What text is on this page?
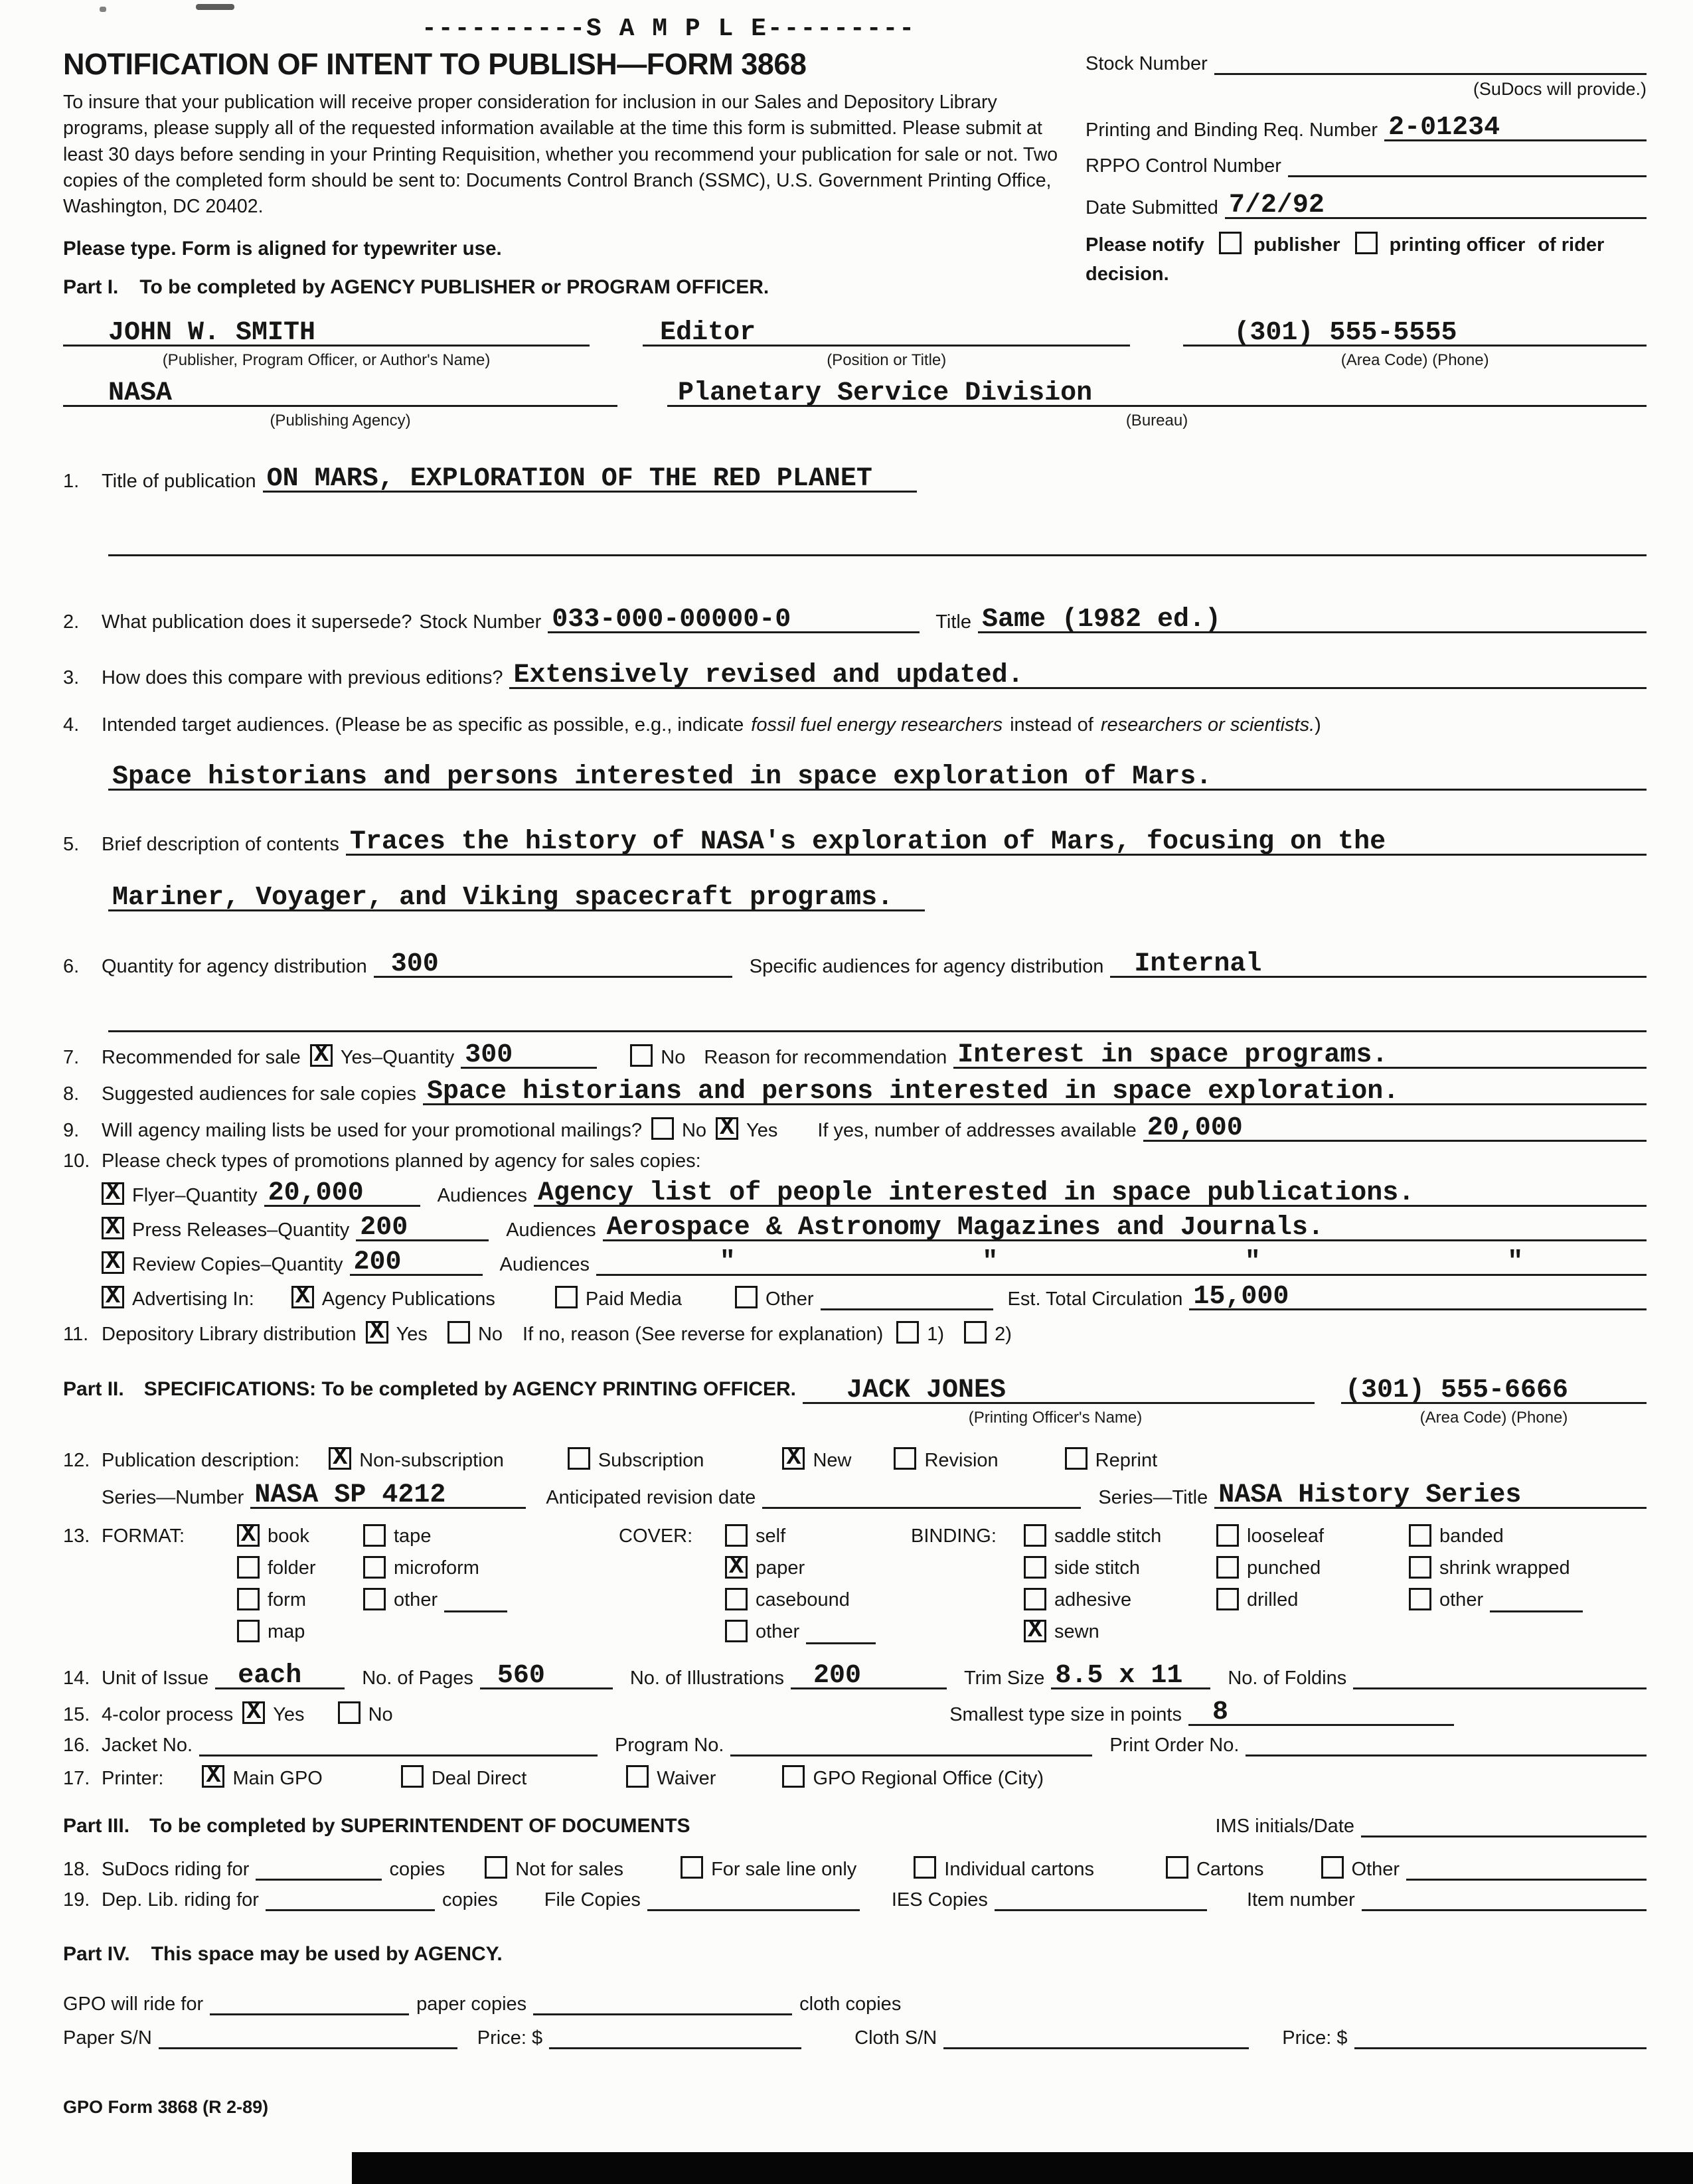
----------S A M P L E---------
NOTIFICATION OF INTENT TO PUBLISH—FORM 3868

To insure that your publication will receive proper consideration for inclusion in our Sales and Depository Library programs, please supply all of the requested information available at the time this form is submitted. Please submit at least 30 days before sending in your Printing Requisition, whether you recommend your publication for sale or not. Two copies of the completed form should be sent to: Documents Control Branch (SSMC), U.S. Government Printing Office, Washington, DC 20402.

Please type. Form is aligned for typewriter use.
Part I. To be completed by AGENCY PUBLISHER or PROGRAM OFFICER.
Stock Number
(SuDocs will provide.)
Printing and Binding Req. Number 2-01234
RPPO Control Number
Date Submitted 7/2/92
Please notify	publisher	printing officer of rider decision.
JOHN W. SMITH
(Publisher, Program Officer, or Author's Name)
Editor
(Position or Title)
(301) 555-5555
(Area Code) (Phone)
NASA
(Publishing Agency)
Planetary Service Division
(Bureau)
1.	Title of publication ON MARS, EXPLORATION OF THE RED PLANET
2.	What publication does it supersede? Stock Number 033-000-00000-0	Title Same (1982 ed.)
3.	How does this compare with previous editions? Extensively revised and updated.
4.	Intended target audiences. (Please be as specific as possible, e.g., indicate fossil fuel energy researchers instead of researchers or scientists. )
Space historians and persons interested in space exploration of Mars.
5.	Brief description of contents Traces the history of NASA's exploration of Mars, focusing on the
Mariner, Voyager, and Viking spacecraft programs.
6.	Quantity for agency distribution 300	Specific audiences for agency distribution	Internal
7.	Recommended for sale X Yes–Quantity 300	No Reason for recommendation Interest in space programs.
8.	Suggested audiences for sale copies Space historians and persons interested in space exploration.
9.	Will agency mailing lists be used for your promotional mailings? No X Yes If yes, number of addresses available 20,000
10. Please check types of promotions planned by agency for sales copies:
X
Flyer–Quantity 20,000	Audiences Agency list of people interested in space publications.
X
Press Releases–Quantity 200	Audiences Aerospace & Astronomy Magazines and Journals.
X
Review Copies–Quantity 200	Audiences	"	"	"	"
X
Advertising In: X	Agency Publications	Paid Media	Other	Est. Total Circulation 15,000
11. Depository Library distribution X Yes	No If no, reason (See reverse for explanation) 1)	2)
Part II. SPECIFICATIONS: To be completed by AGENCY PRINTING OFFICER.	JACK JONES
(Printing Officer's Name)
(301) 555-6666
(Area Code) (Phone)
12. Publication description: X	Non-subscription	Subscription X	New	Revision	Reprint
Series—Number NASA SP 4212	Anticipated revision date	Series—Title NASA History Series
13. FORMAT: X	book
folder
form
map
tape
microform
other
COVER:	self
X
paper
casebound
other
BINDING:	saddle stitch
side stitch
adhesive
X
sewn
looseleaf
punched
drilled
banded
shrink wrapped
other
14. Unit of Issue	each	No. of Pages 560	No. of Illustrations	200	Trim Size 8.5 x 11	No. of Foldins
15. 4-color process X Yes	No	Smallest type size in points	8
16. Jacket No.	Program No.	Print Order No.
17. Printer: X	Main GPO	Deal Direct	Waiver	GPO Regional Office (City)
Part III. To be completed by SUPERINTENDENT OF DOCUMENTS	IMS initials/Date
18. SuDocs riding for	copies	Not for sales	For sale line only	Individual cartons	Cartons	Other
19. Dep. Lib. riding for	copies File Copies	IES Copies	Item number
Part IV. This space may be used by AGENCY.
GPO will ride for	paper copies	cloth copies
Paper S/N	Price: $	Cloth S/N	Price: $
GPO Form 3868 (R 2-89)
